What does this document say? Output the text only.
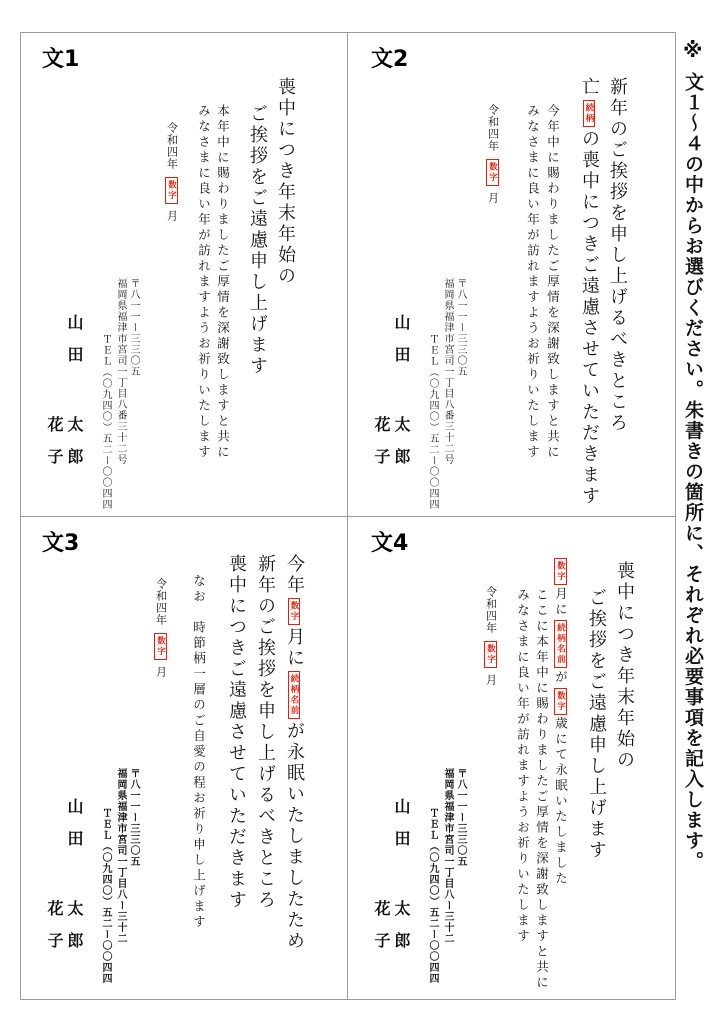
文1
喪中につき年末年始の
ご挨拶をご遠慮申し上げます
本年中に賜わりましたご厚情を深謝致しますと共に
みなさまに良い年が訪れますようお祈りいたします
令和四年 数字 月
〒八一一ー三三〇五
福岡県福津市宮司一丁目八番三十二号
ＴＥＬ（〇九四〇）五二ー〇〇四四
山田
太郎
花子
文2
新年のご挨拶を申し上げるべきところ
亡続柄の喪中につきご遠慮させていただきます
今年中に賜わりましたご厚情を深謝致しますと共に
みなさまに良い年が訪れますようお祈りいたします
令和四年 数字 月
〒八一一ー三三〇五
福岡県福津市宮司一丁目八番三十二号
ＴＥＬ（〇九四〇）五二ー〇〇四四
山田
太郎
花子
文3
今年数字月に続柄名前が永眠いたしましたため
新年のご挨拶を申し上げるべきところ
喪中につきご遠慮させていただきます
なお　時節柄一層のご自愛の程お祈り申し上げます
令和四年 数字 月
〒八一一ー三三〇五
福岡県福津市宮司一丁目八ー三十二
ＴＥＬ（〇九四〇）五二ー〇〇四四
山田
太郎
花子
文4
喪中につき年末年始の
ご挨拶をご遠慮申し上げます
数字月に続柄名前が数字歳にて永眠いたしました
ここに本年中に賜わりましたご厚情を深謝致しますと共に
みなさまに良い年が訪れますようお祈りいたします
令和四年 数字 月
〒八一一ー三三〇五
福岡県福津市宮司一丁目八ー三十二
ＴＥＬ（〇九四〇）五二ー〇〇四四
山田
太郎
花子
※
文１～４の中からお選びください。朱書きの箇所に、それぞれ必要事項を記入します。
